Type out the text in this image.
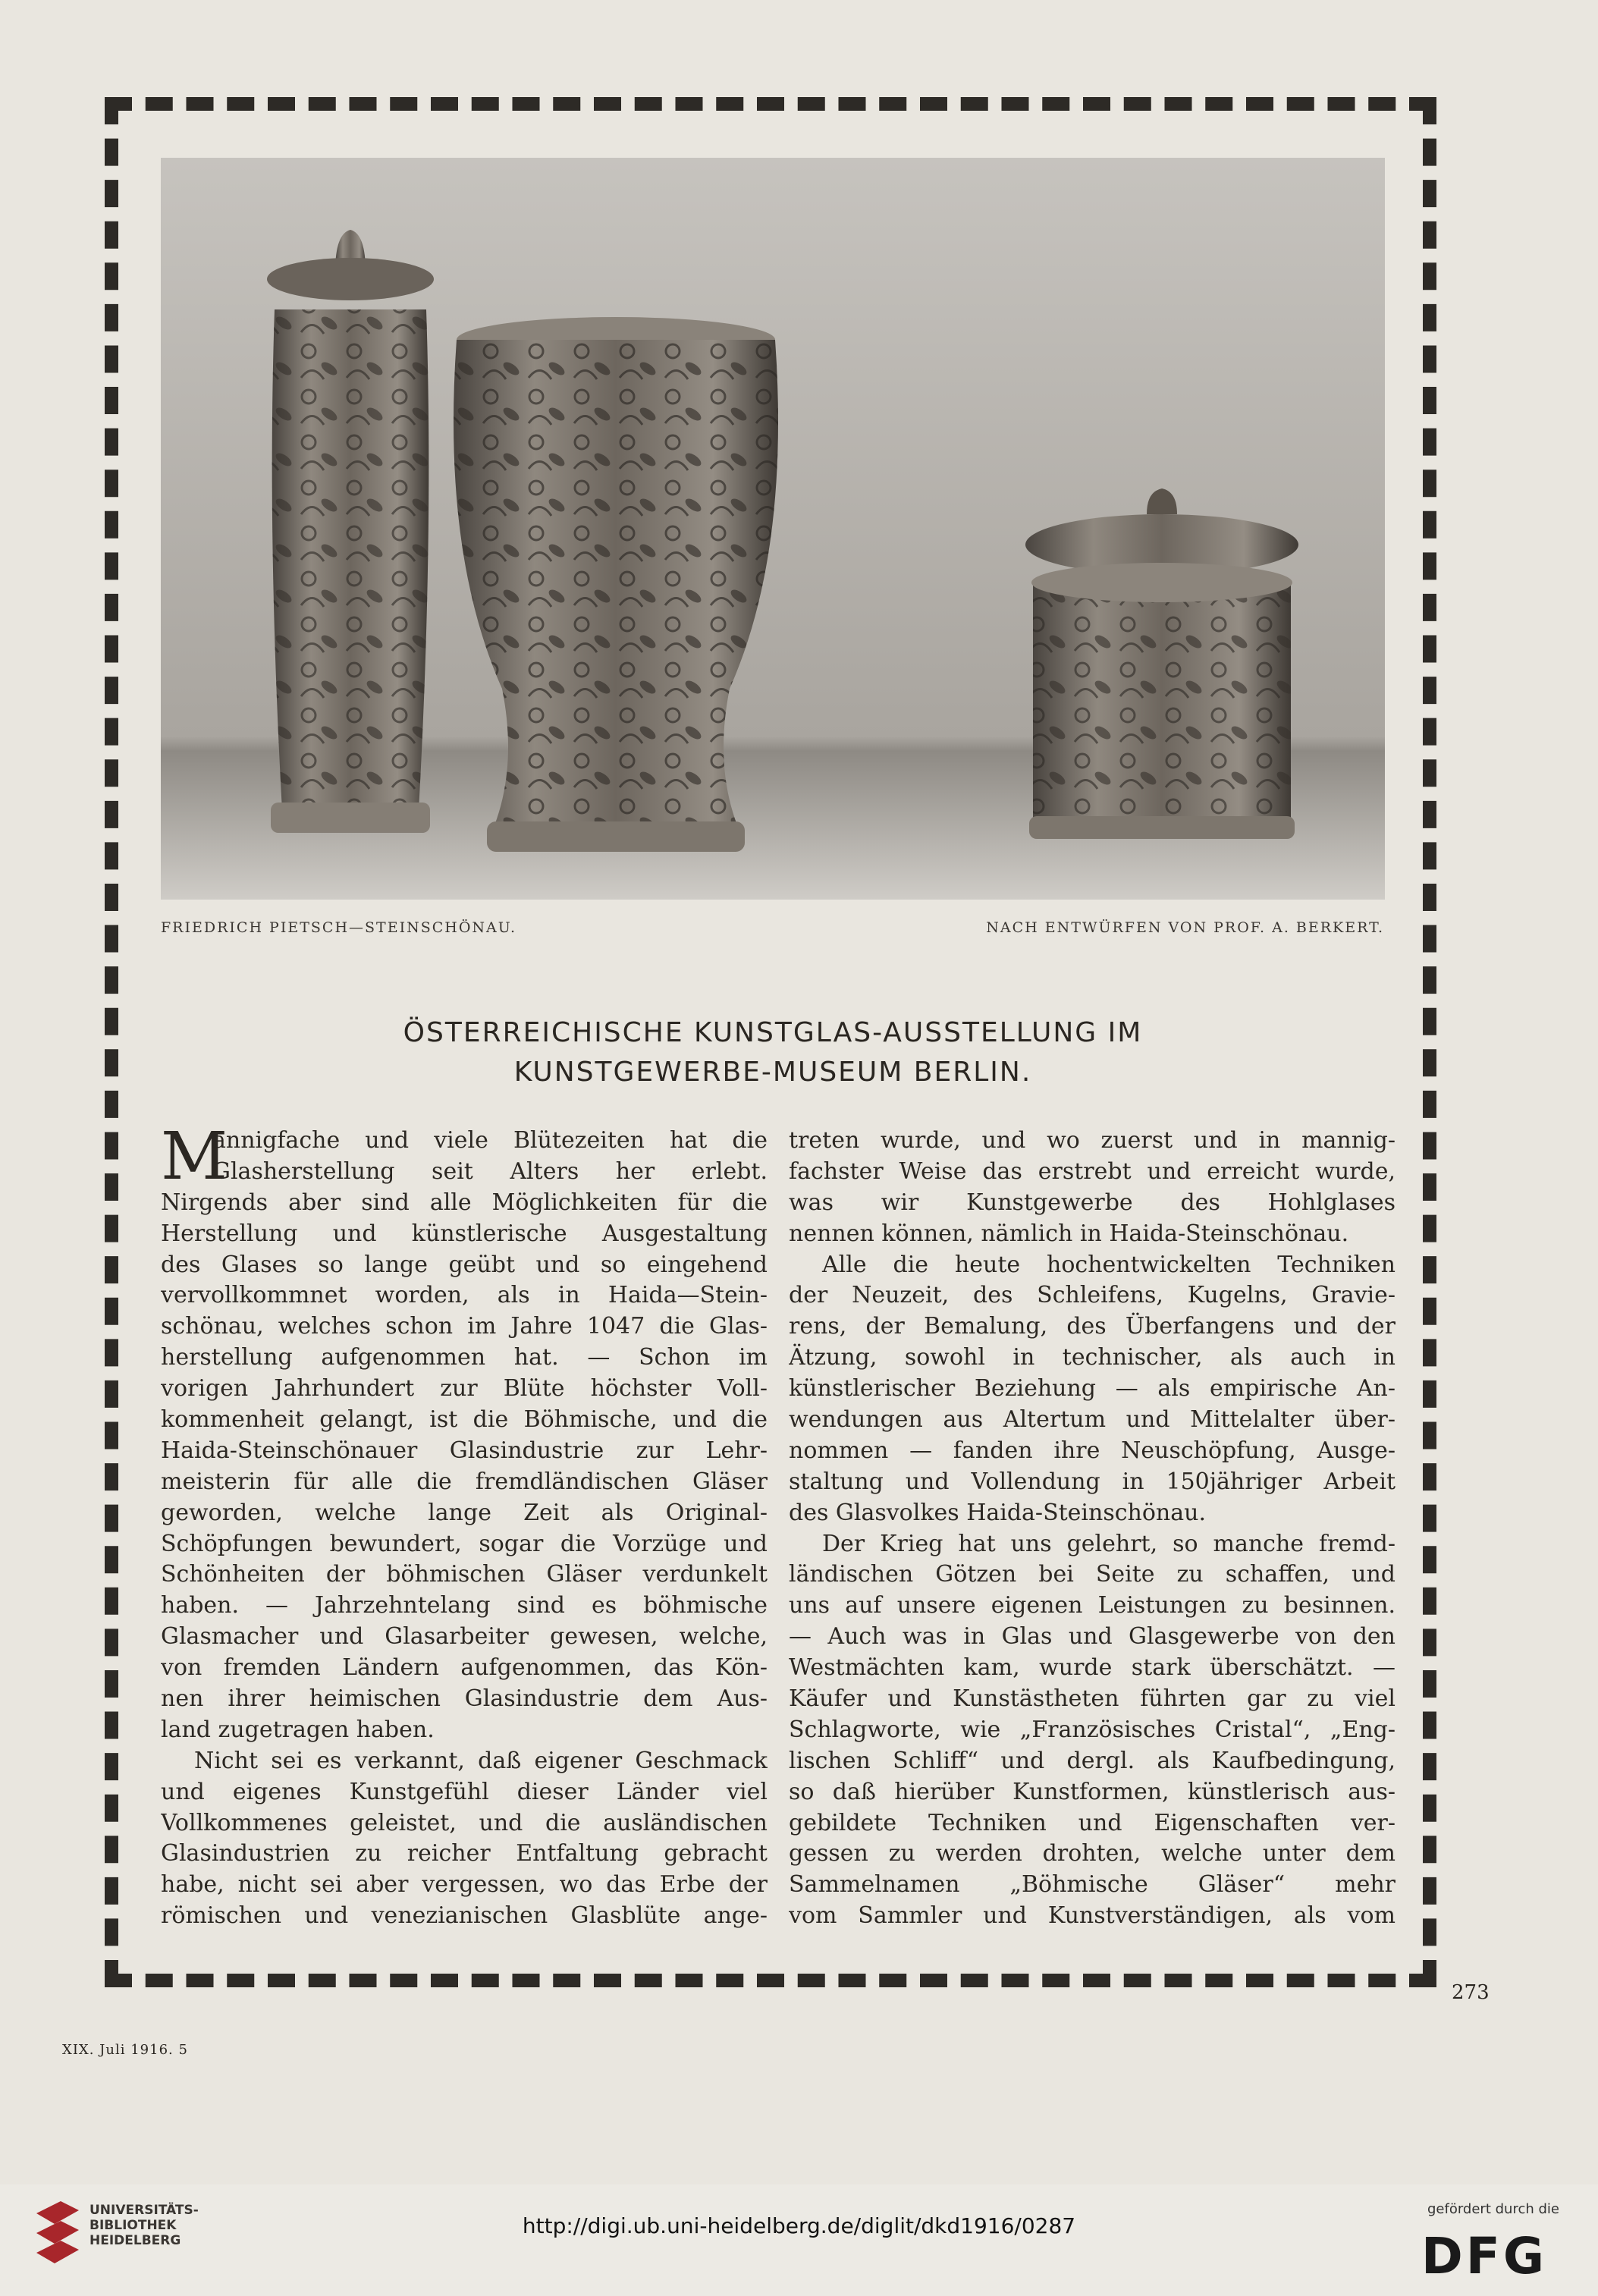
FRIEDRICH PIETSCH—STEINSCHÖNAU.	NACH ENTWÜRFEN VON PROF. A. BERKERT.
ÖSTERREICHISCHE KUNSTGLAS-AUSSTELLUNG IM
KUNSTGEWERBE-MUSEUM BERLIN.
M
annigfache und viele Blütezeiten hat die
Glasherstellung seit Alters her erlebt.
Nirgends aber sind alle Möglichkeiten für die
Herstellung und künstlerische Ausgestaltung
des Glases so lange geübt und so eingehend
vervollkommnet worden, als in Haida—Stein-
schönau, welches schon im Jahre 1047 die Glas-
herstellung aufgenommen hat. — Schon im
vorigen Jahrhundert zur Blüte höchster Voll-
kommenheit gelangt, ist die Böhmische, und die
Haida-Steinschönauer Glasindustrie zur Lehr-
meisterin für alle die fremdländischen Gläser
geworden, welche lange Zeit als Original-
Schöpfungen bewundert, sogar die Vorzüge und
Schönheiten der böhmischen Gläser verdunkelt
haben. — Jahrzehntelang sind es böhmische
Glasmacher und Glasarbeiter gewesen, welche,
von fremden Ländern aufgenommen, das Kön-
nen ihrer heimischen Glasindustrie dem Aus-
land zugetragen haben.
Nicht sei es verkannt, daß eigener Geschmack
und eigenes Kunstgefühl dieser Länder viel
Vollkommenes geleistet, und die ausländischen
Glasindustrien zu reicher Entfaltung gebracht
habe, nicht sei aber vergessen, wo das Erbe der
römischen und venezianischen Glasblüte ange-
treten wurde, und wo zuerst und in mannig-
fachster Weise das erstrebt und erreicht wurde,
was wir Kunstgewerbe des Hohlglases
nennen können, nämlich in Haida-Steinschönau.
Alle die heute hochentwickelten Techniken
der Neuzeit, des Schleifens, Kugelns, Gravie-
rens, der Bemalung, des Überfangens und der
Ätzung, sowohl in technischer, als auch in
künstlerischer Beziehung — als empirische An-
wendungen aus Altertum und Mittelalter über-
nommen — fanden ihre Neuschöpfung, Ausge-
staltung und Vollendung in 150jähriger Arbeit
des Glasvolkes Haida-Steinschönau.
Der Krieg hat uns gelehrt, so manche fremd-
ländischen Götzen bei Seite zu schaffen, und
uns auf unsere eigenen Leistungen zu besinnen.
— Auch was in Glas und Glasgewerbe von den
Westmächten kam, wurde stark überschätzt. —
Käufer und Kunstästheten führten gar zu viel
Schlagworte, wie „Französisches Cristal“, „Eng-
lischen Schliff“ und dergl. als Kaufbedingung,
so daß hierüber Kunstformen, künstlerisch aus-
gebildete Techniken und Eigenschaften ver-
gessen zu werden drohten, welche unter dem
Sammelnamen „Böhmische Gläser“ mehr
vom Sammler und Kunstverständigen, als vom
273
XIX. Juli 1916. 5
UNIVERSITÄTS-
BIBLIOTHEK
HEIDELBERG
http://digi.ub.uni-heidelberg.de/diglit/dkd1916/0287
gefördert durch die
DFG
